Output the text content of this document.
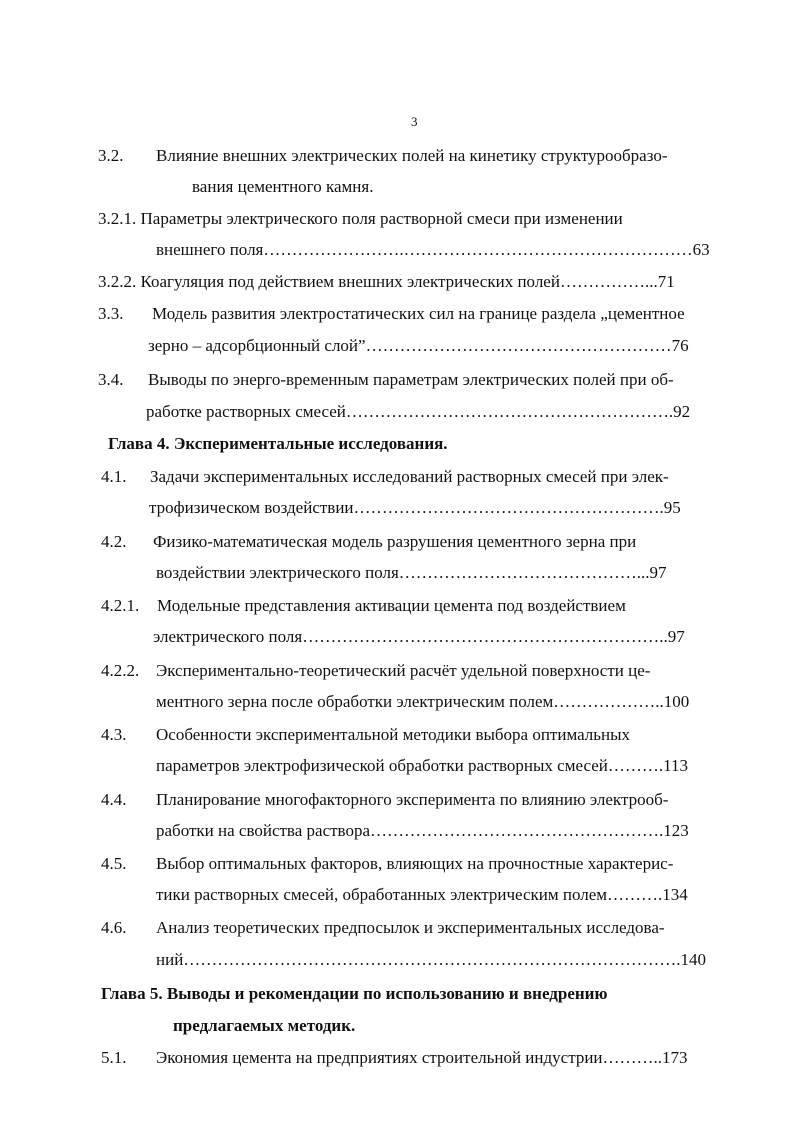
3
3.2. Влияние внешних электрических полей на кинетику структурообразо-
вания цементного камня.
3.2.1. Параметры электрического поля растворной смеси при изменении
внешнего поля…………………….……………………………………………63
3.2.2. Коагуляция под действием внешних электрических полей……………...71
3.3. Модель развития электростатических сил на границе раздела „цементное
зерно – адсорбционный слой”………………………………………………76
3.4. Выводы по энерго-временным параметрам электрических полей при об-
работке растворных смесей………………………………………………….92
Глава 4. Экспериментальные исследования.
4.1. Задачи экспериментальных исследований растворных смесей при элек-
трофизическом воздействии……………………………………………….95
4.2. Физико-математическая модель разрушения цементного зерна при
воздействии электрического поля……………………………………...97
4.2.1. Модельные представления активации цемента под воздействием
электрического поля………………………………………………………..97
4.2.2. Экспериментально-теоретический расчёт удельной поверхности це-
ментного зерна после обработки электрическим полем………………..100
4.3. Особенности экспериментальной методики выбора оптимальных
параметров электрофизической обработки растворных смесей……….113
4.4. Планирование многофакторного эксперимента по влиянию электрооб-
работки на свойства раствора…………………………………………….123
4.5. Выбор оптимальных факторов, влияющих на прочностные характерис-
тики растворных смесей, обработанных электрическим полем……….134
4.6. Анализ теоретических предпосылок и экспериментальных исследова-
ний…………………………………………………………………………….140
Глава 5. Выводы и рекомендации по использованию и внедрению
предлагаемых методик.
5.1. Экономия цемента на предприятиях строительной индустрии………..173
